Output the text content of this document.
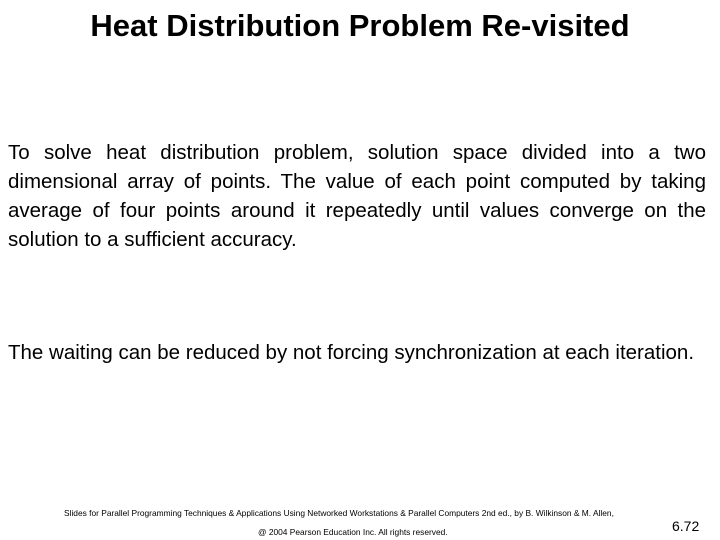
Heat Distribution Problem Re-visited
To solve heat distribution problem, solution space divided into a two dimensional array of points. The value of each point computed by taking average of four points around it repeatedly until values converge on the solution to a sufficient accuracy.
The waiting can be reduced by not forcing synchronization at each iteration.
Slides for Parallel Programming Techniques & Applications Using Networked Workstations & Parallel Computers 2nd ed., by B. Wilkinson & M. Allen,
@ 2004 Pearson Education Inc. All rights reserved.	6.72
